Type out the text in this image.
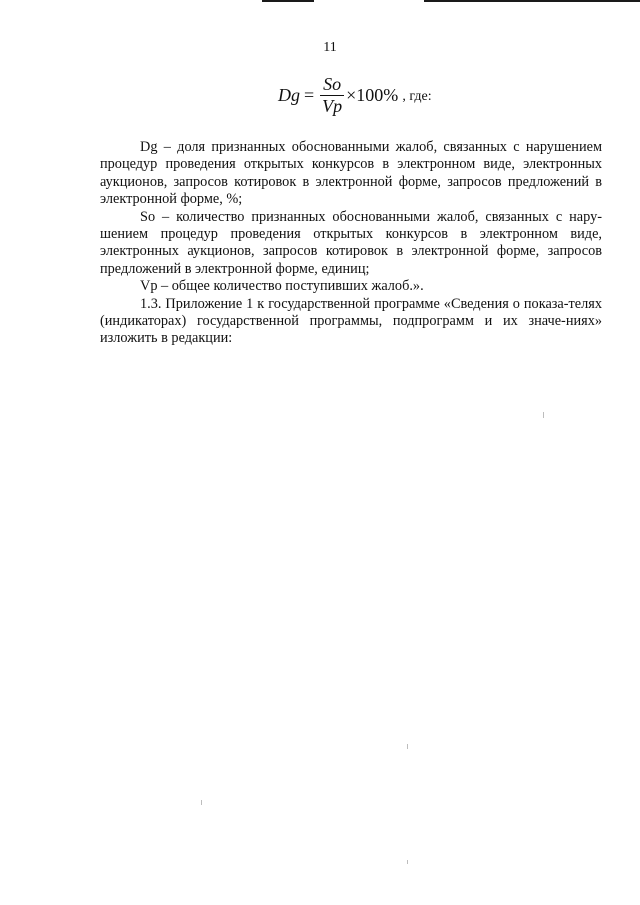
11
$Dg = \frac{So}{Vp} \times 100\%$ , где:

Dg – доля признанных обоснованными жалоб, связанных с нарушением процедур проведения открытых конкурсов в электронном виде, электронных аукционов, запросов котировок в электронной форме, запросов предложений в электронной форме, %;

So – количество признанных обоснованными жалоб, связанных с нару-шением процедур проведения открытых конкурсов в электронном виде, электронных аукционов, запросов котировок в электронной форме, запросов предложений в электронной форме, единиц;

Vp – общее количество поступивших жалоб.».

1.3. Приложение 1 к государственной программе «Сведения о показа-телях (индикаторах) государственной программы, подпрограмм и их значе-ниях» изложить в редакции:
